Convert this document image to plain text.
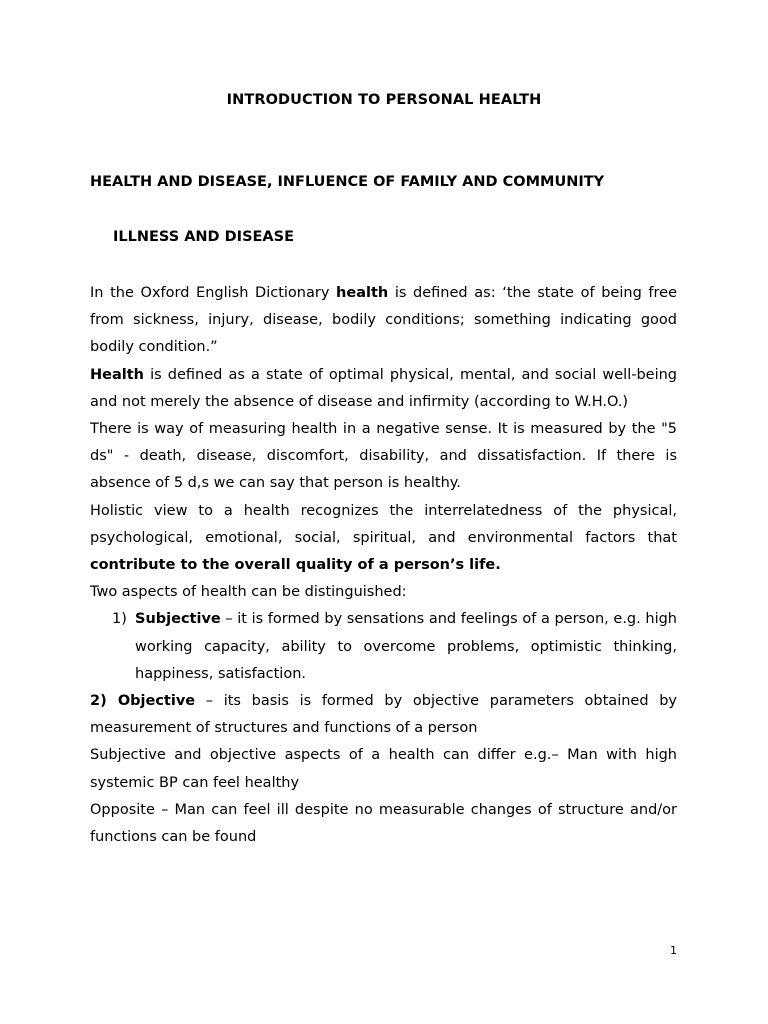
INTRODUCTION TO PERSONAL HEALTH
HEALTH AND DISEASE, INFLUENCE OF FAMILY AND COMMUNITY
ILLNESS AND DISEASE

In the Oxford English Dictionary health is defined as: ‘the state of being free from sickness, injury, disease, bodily conditions; something indicating good bodily condition.”

Health is defined as a state of optimal physical, mental, and social well-being and not merely the absence of disease and infirmity (according to W.H.O.)

There is way of measuring health in a negative sense. It is measured by the "5 ds" - death, disease, discomfort, disability, and dissatisfaction. If there is absence of 5 d,s we can say that person is healthy.

Holistic view to a health recognizes the interrelatedness of the physical, psychological, emotional, social, spiritual, and environmental factors that contribute to the overall quality of a person’s life.

Two aspects of health can be distinguished:

1) Subjective – it is formed by sensations and feelings of a person, e.g. high working capacity, ability to overcome problems, optimistic thinking, happiness, satisfaction.

2) Objective – its basis is formed by objective parameters obtained by measurement of structures and functions of a person

Subjective and objective aspects of a health can differ e.g.– Man with high systemic BP can feel healthy

Opposite – Man can feel ill despite no measurable changes of structure and/or functions can be found

1
